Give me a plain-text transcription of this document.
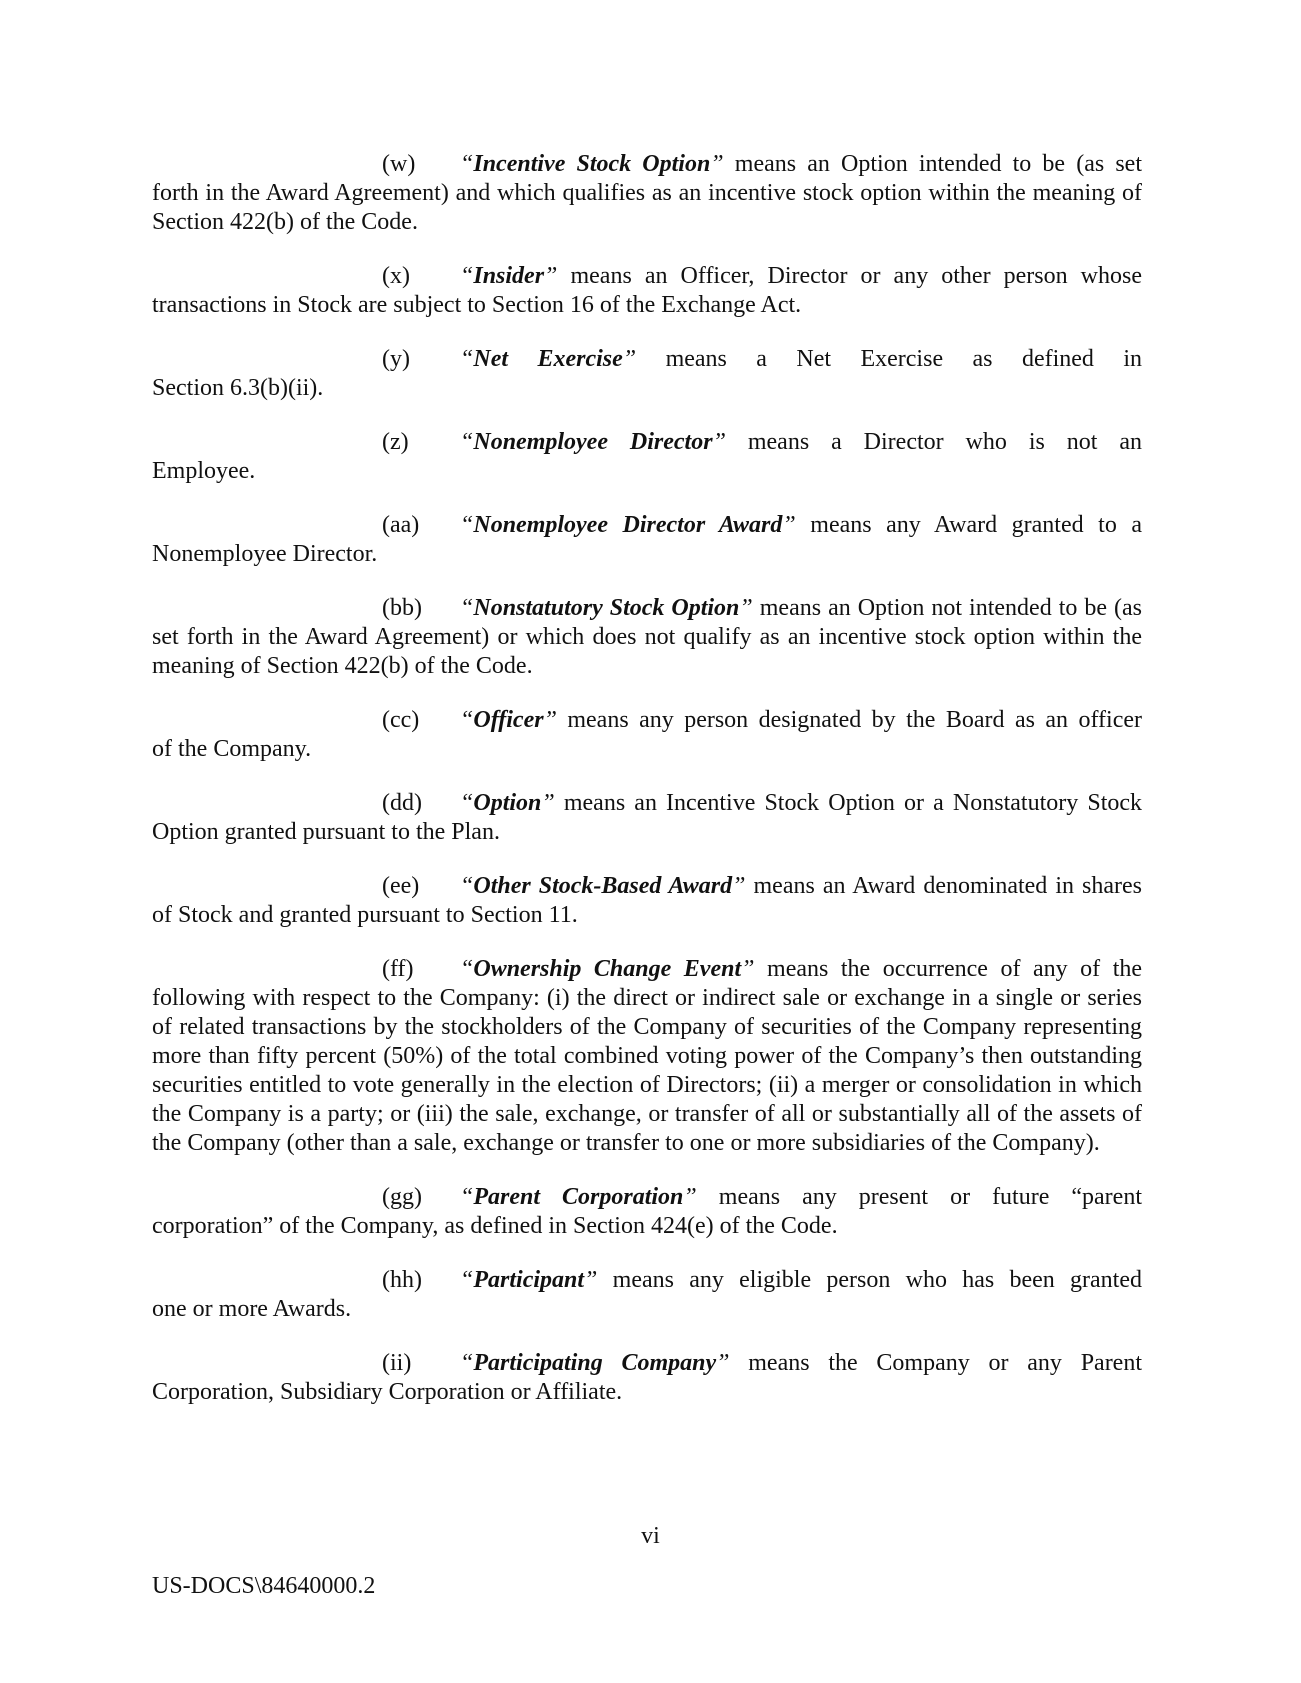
(w) “Incentive Stock Option” means an Option intended to be (as set forth in the Award Agreement) and which qualifies as an incentive stock option within the meaning of Section 422(b) of the Code.

(x) “Insider” means an Officer, Director or any other person whose transactions in Stock are subject to Section 16 of the Exchange Act.

(y) “Net Exercise” means a Net Exercise as defined in
Section 6.3(b)(ii).
(z) “Nonemployee Director” means a Director who is not an
Employee.
(aa) “Nonemployee Director Award” means any Award granted to a
Nonemployee Director.

(bb) “Nonstatutory Stock Option” means an Option not intended to be (as set forth in the Award Agreement) or which does not qualify as an incentive stock option within the meaning of Section 422(b) of the Code.

(cc) “Officer” means any person designated by the Board as an officer
of the Company.

(dd) “Option” means an Incentive Stock Option or a Nonstatutory Stock Option granted pursuant to the Plan.

(ee) “Other Stock-Based Award” means an Award denominated in shares of Stock and granted pursuant to Section 11.

(ff) “Ownership Change Event” means the occurrence of any of the following with respect to the Company: (i) the direct or indirect sale or exchange in a single or series of related transactions by the stockholders of the Company of securities of the Company representing more than fifty percent (50%) of the total combined voting power of the Company’s then outstanding securities entitled to vote generally in the election of Directors; (ii) a merger or consolidation in which the Company is a party; or (iii) the sale, exchange, or transfer of all or substantially all of the assets of the Company (other than a sale, exchange or transfer to one or more subsidiaries of the Company).

(gg) “Parent Corporation” means any present or future “parent corporation” of the Company, as defined in Section 424(e) of the Code.

(hh) “Participant” means any eligible person who has been granted
one or more Awards.

(ii) “Participating Company” means the Company or any Parent Corporation, Subsidiary Corporation or Affiliate.

vi
US-DOCS\84640000.2
